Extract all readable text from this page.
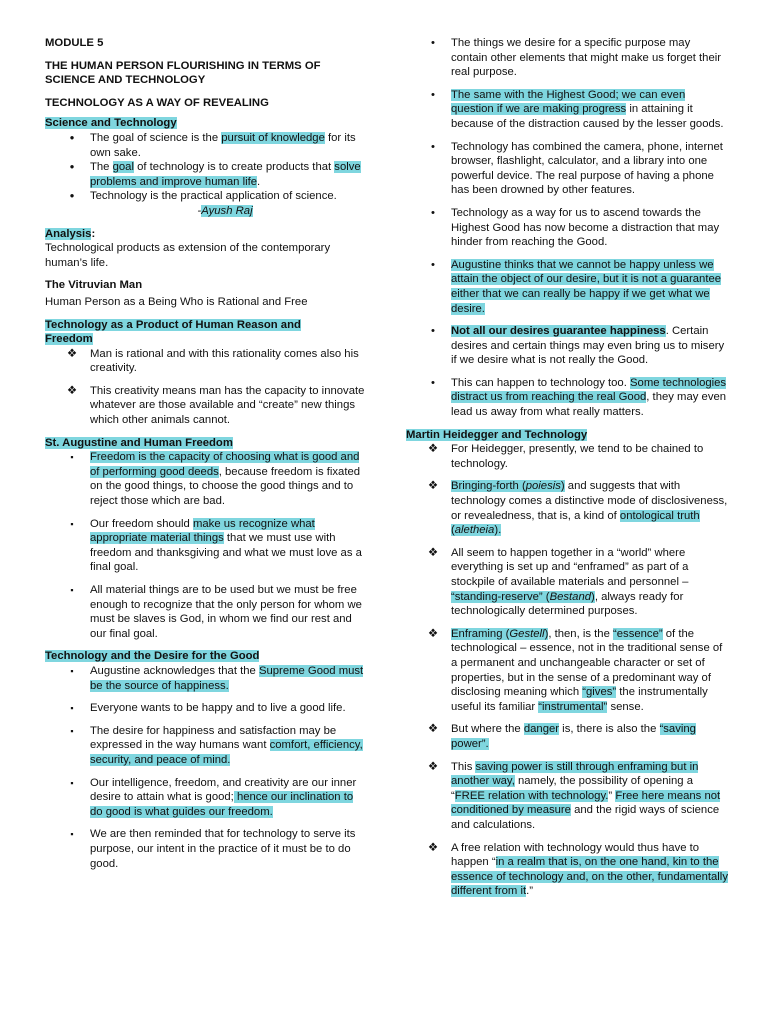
MODULE 5
THE HUMAN PERSON FLOURISHING IN TERMS OF
SCIENCE AND TECHNOLOGY
TECHNOLOGY AS A WAY OF REVEALING
Science and Technology
●	The goal of science is the pursuit of knowledge for its own sake.
●	The goal of technology is to create products that solve problems and improve human life.
●	Technology is the practical application of science.
-Ayush Raj
Analysis:
Technological products as extension of the contemporary human’s life.
The Vitruvian Man
Human Person as a Being Who is Rational and Free
Technology as a Product of Human Reason and Freedom
❖ Man is rational and with this rationality comes also his creativity.
❖ This creativity means man has the capacity to innovate whatever are those available and “create” new things which other animals cannot.
St. Augustine and Human Freedom
▪	Freedom is the capacity of choosing what is good and of performing good deeds, because freedom is fixated on the good things, to choose the good things and to reject those which are bad.
▪	Our freedom should make us recognize what appropriate material things that we must use with freedom and thanksgiving and what we must love as a final goal.
▪	All material things are to be used but we must be free enough to recognize that the only person for whom we must be slaves is God, in whom we find our rest and our final goal.
Technology and the Desire for the Good
▪	Augustine acknowledges that the Supreme Good must be the source of happiness.
▪	Everyone wants to be happy and to live a good life.
▪	The desire for happiness and satisfaction may be expressed in the way humans want comfort, efficiency, security, and peace of mind.
▪	Our intelligence, freedom, and creativity are our inner desire to attain what is good; hence our inclination to do good is what guides our freedom.
▪	We are then reminded that for technology to serve its purpose, our intent in the practice of it must be to do good.
•	The things we desire for a specific purpose may contain other elements that might make us forget their real purpose.
•	The same with the Highest Good; we can even question if we are making progress in attaining it because of the distraction caused by the lesser goods.
•	Technology has combined the camera, phone, internet browser, flashlight, calculator, and a library into one powerful device. The real purpose of having a phone has been drowned by other features.
•	Technology as a way for us to ascend towards the Highest Good has now become a distraction that may hinder from reaching the Good.
•	Augustine thinks that we cannot be happy unless we attain the object of our desire, but it is not a guarantee either that we can really be happy if we get what we desire.
•	Not all our desires guarantee happiness. Certain desires and certain things may even bring us to misery if we desire what is not really the Good.
•	This can happen to technology too. Some technologies distract us from reaching the real Good, they may even lead us away from what really matters.
Martin Heidegger and Technology
❖ For Heidegger, presently, we tend to be chained to technology.
❖ Bringing-forth (poiesis) and suggests that with technology comes a distinctive mode of disclosiveness, or revealedness, that is, a kind of ontological truth (aletheia).
❖ All seem to happen together in a “world” where everything is set up and “enframed” as part of a stockpile of available materials and personnel – “standing-reserve” (Bestand), always ready for technologically determined purposes.
❖ Enframing (Gestell), then, is the “essence” of the technological – essence, not in the traditional sense of a permanent and unchangeable character or set of properties, but in the sense of a predominant way of disclosing meaning which “gives” the instrumentally useful its familiar “instrumental” sense.
❖ But where the danger is, there is also the “saving power”.
❖ This saving power is still through enframing but in another way, namely, the possibility of opening a “FREE relation with technology.” Free here means not conditioned by measure and the rigid ways of science and calculations.
❖ A free relation with technology would thus have to happen “in a realm that is, on the one hand, kin to the essence of technology and, on the other, fundamentally different from it.”
